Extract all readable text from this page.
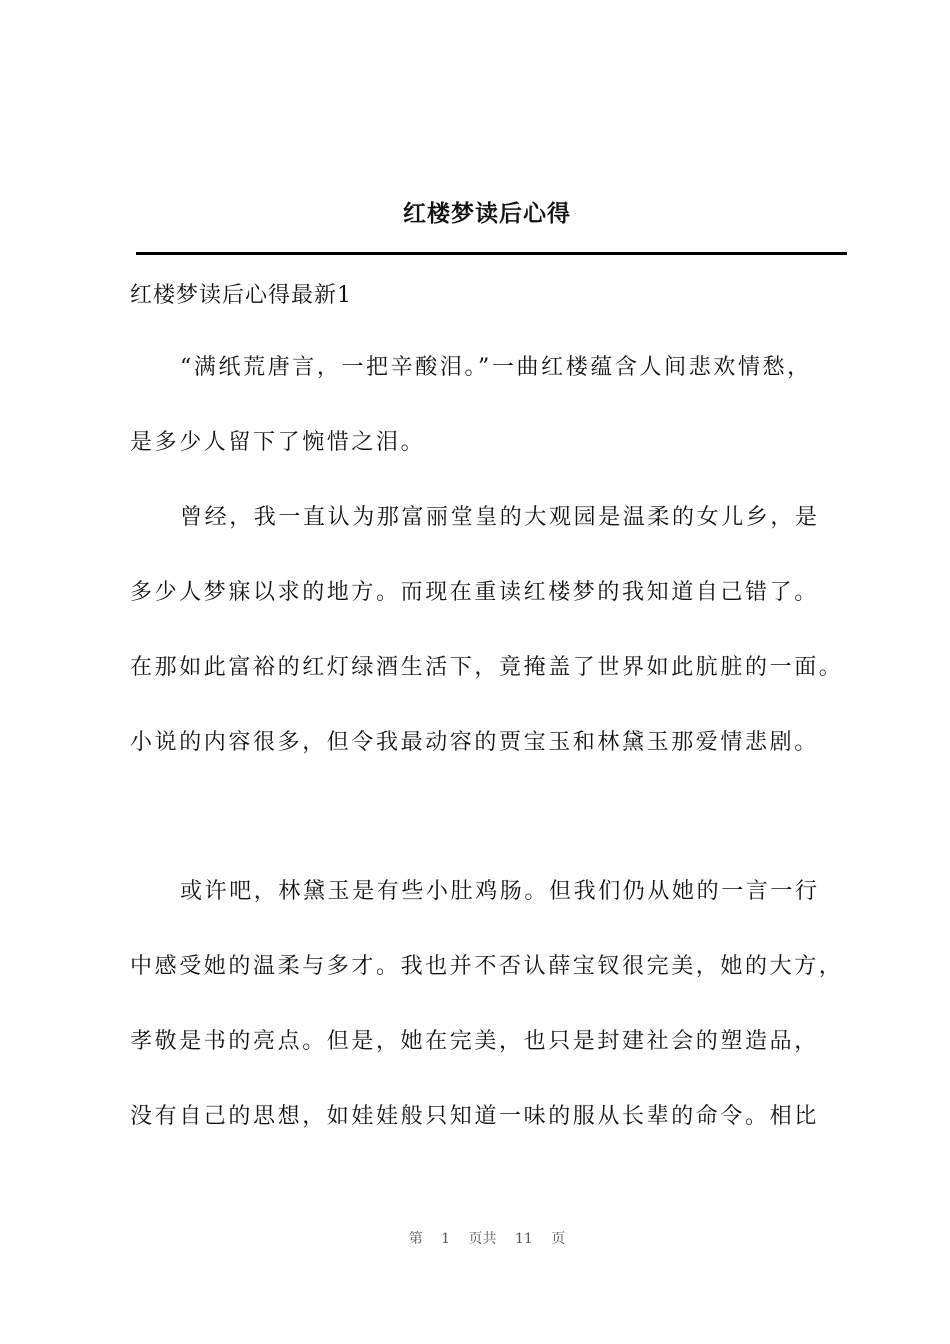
红楼梦读后心得
红楼梦读后心得最新1
“满纸荒唐言，一把辛酸泪。”一曲红楼蕴含人间悲欢情愁，
是多少人留下了惋惜之泪。
曾经，我一直认为那富丽堂皇的大观园是温柔的女儿乡，是
多少人梦寐以求的地方。而现在重读红楼梦的我知道自己错了。
在那如此富裕的红灯绿酒生活下，竟掩盖了世界如此肮脏的一面。
小说的内容很多，但令我最动容的贾宝玉和林黛玉那爱情悲剧。
或许吧，林黛玉是有些小肚鸡肠。但我们仍从她的一言一行
中感受她的温柔与多才。我也并不否认薛宝钗很完美，她的大方，
孝敬是书的亮点。但是，她在完美，也只是封建社会的塑造品，
没有自己的思想，如娃娃般只知道一味的服从长辈的命令。相比
第 1 页共 11 页
